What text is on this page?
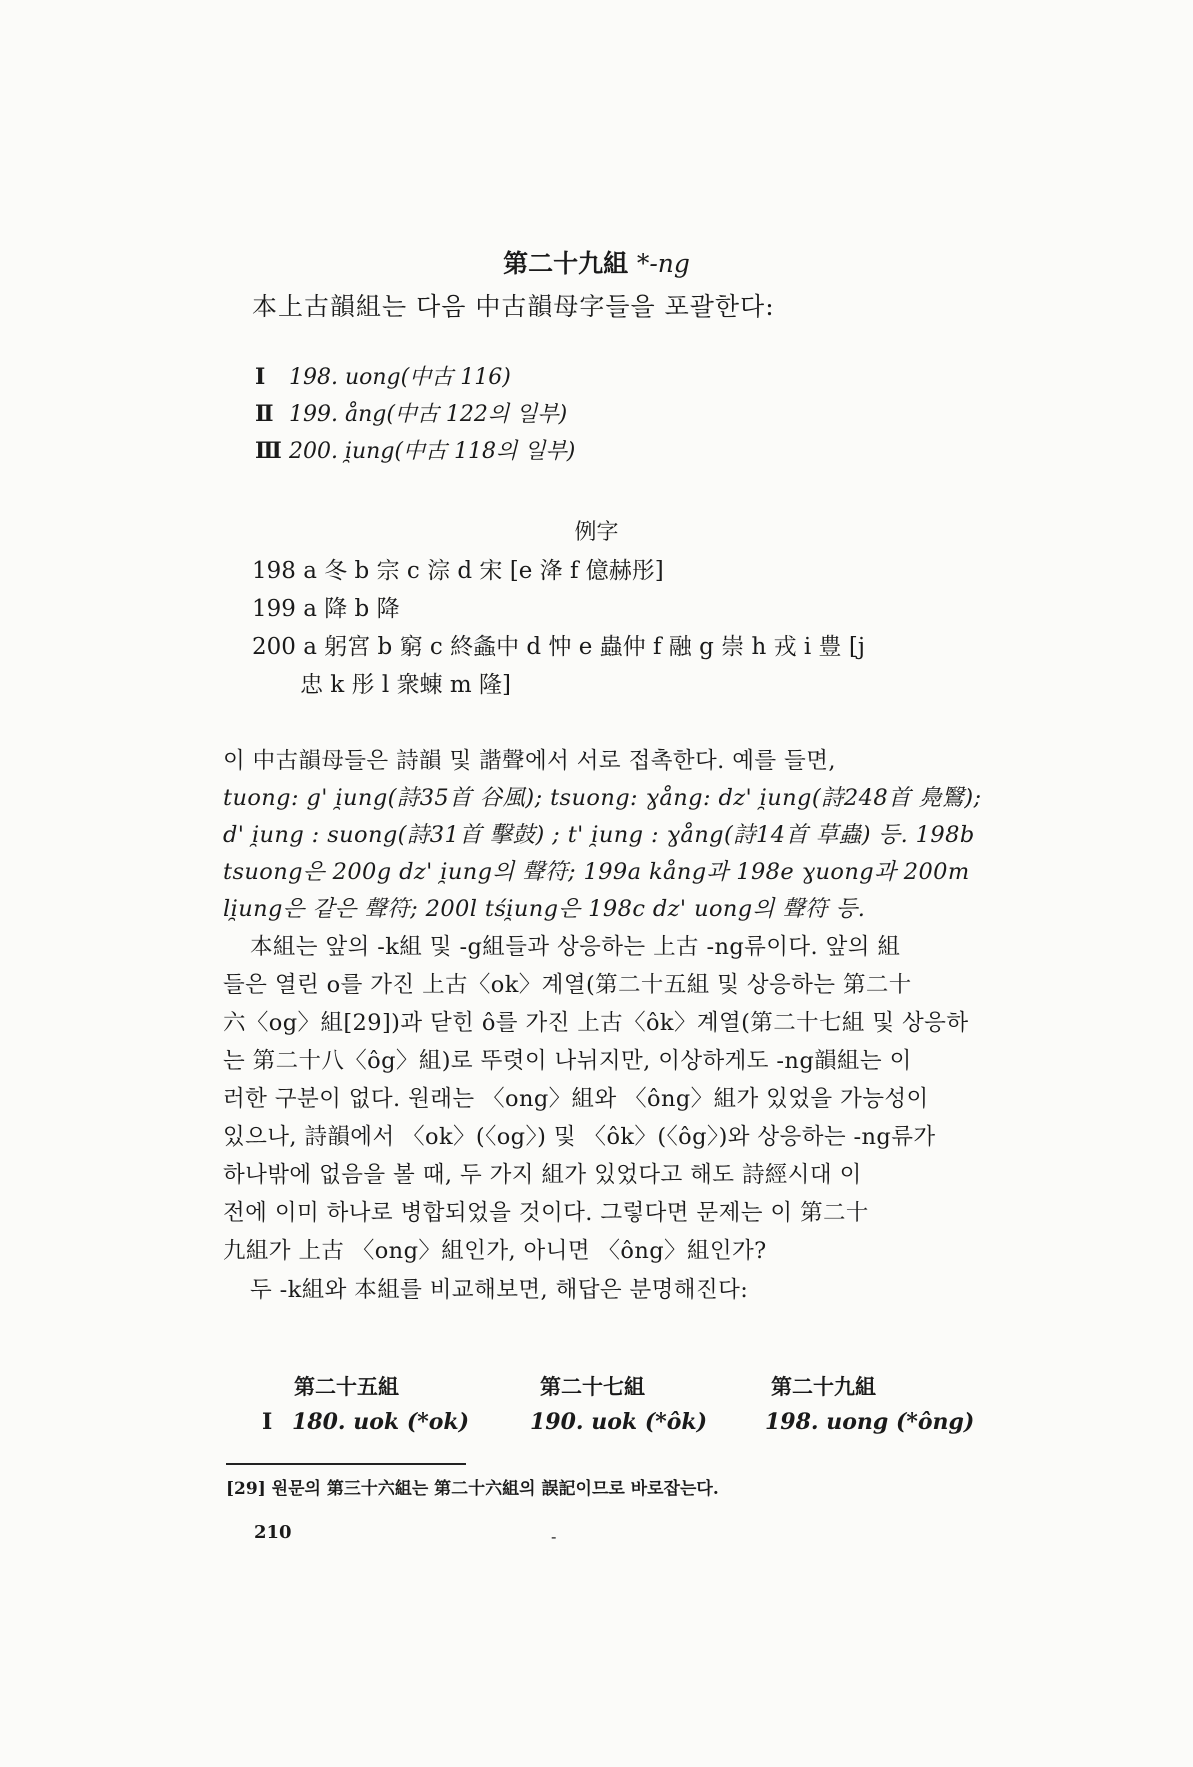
第二十九組 *-ng
本上古韻組는 다음 中古韻母字들을 포괄한다:
Ⅰ 198. uong(中古 116)
Ⅱ 199. ång(中古 122의 일부)
Ⅲ 200. i̯ung(中古 118의 일부)
例字
198 a 冬 b 宗 c 淙 d 宋 [e 洚 f 億赫彤]
199 a 降 b 降
200 a 躬宮 b 窮 c 終螽中 d 忡 e 蟲仲 f 融 g 崇 h 戎 i 豊 [j
忠 k 彤 l 衆蝀 m 隆]
이 中古韻母들은 詩韻 및 諧聲에서 서로 접촉한다. 예를 들면,
tuong: g' i̯ung(詩35首 谷風); tsuong: ɣång: dz' i̯ung(詩248首 鳧鷖);
d' i̯ung : suong(詩31首 擊鼓) ; t' i̯ung : ɣång(詩14首 草蟲) 등. 198b
tsuong은 200g dz' i̯ung의 聲符; 199a kång과 198e ɣuong과 200m
li̯ung은 같은 聲符; 200l tśi̯ung은 198c dz' uong의 聲符 등.
本組는 앞의 -k組 및 -g組들과 상응하는 上古 -ng류이다. 앞의 組
들은 열린 o를 가진 上古〈ok〉계열(第二十五組 및 상응하는 第二十
六〈og〉組[29])과 닫힌 ô를 가진 上古〈ôk〉계열(第二十七組 및 상응하
는 第二十八〈ôg〉組)로 뚜렷이 나뉘지만, 이상하게도 -ng韻組는 이
러한 구분이 없다. 원래는 〈ong〉組와 〈ông〉組가 있었을 가능성이
있으나, 詩韻에서 〈ok〉(〈og〉) 및 〈ôk〉(〈ôg〉)와 상응하는 -ng류가
하나밖에 없음을 볼 때, 두 가지 組가 있었다고 해도 詩經시대 이
전에 이미 하나로 병합되었을 것이다. 그렇다면 문제는 이 第二十
九組가 上古 〈ong〉組인가, 아니면 〈ông〉組인가?
두 -k組와 本組를 비교해보면, 해답은 분명해진다:
第二十五組	第二十七組	第二十九組
Ⅰ 180. uok (*ok)	190. uok (*ôk)	198. uong (*ông)
[29] 원문의 第三十六組는 第二十六組의 誤記이므로 바로잡는다.
210	-
